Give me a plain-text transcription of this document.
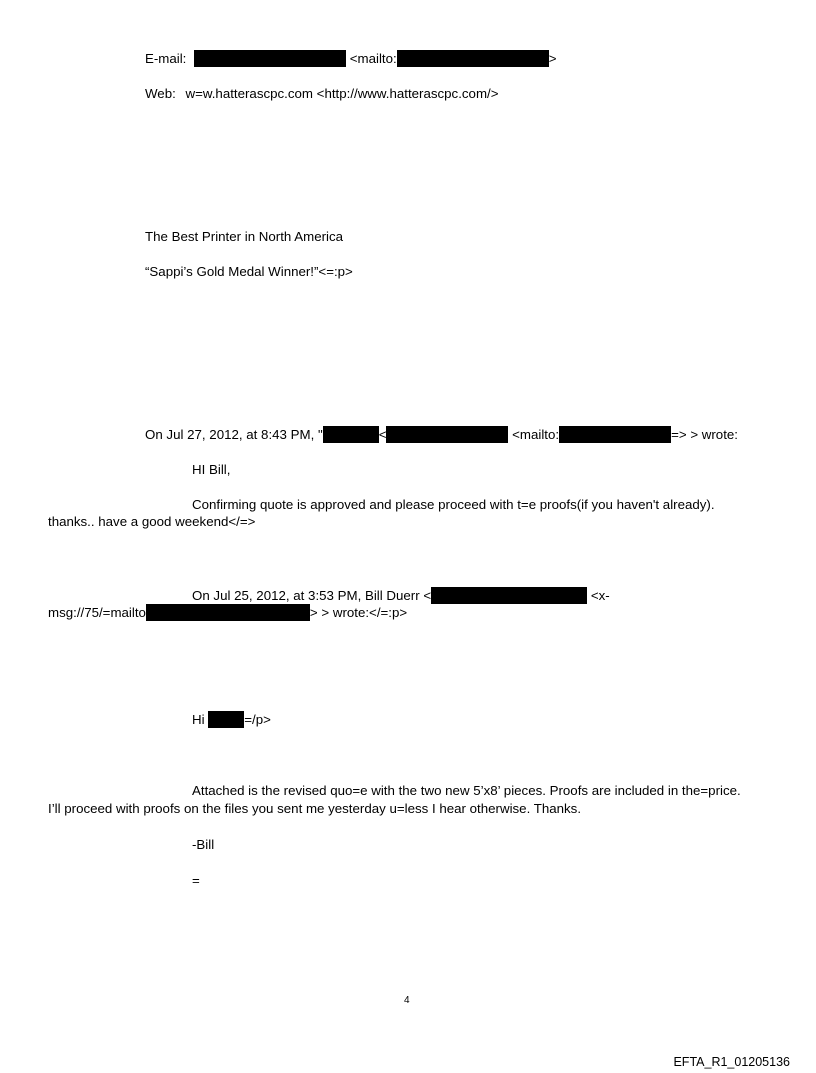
E-mail:	<mailto:	>
Web: w=w.hatterascpc.com <http://www.hatterascpc.com/>
The Best Printer in North America
“Sappi’s Gold Medal Winner!”<=:p>
On Jul 27, 2012, at 8:43 PM, "	<	<mailto:	=> > wrote:
HI Bill,
Confirming quote is approved and please proceed with t=e proofs(if you haven't already).
thanks.. have a good weekend</=>
On Jul 25, 2012, at 3:53 PM, Bill Duerr <	<x-
msg://75/=mailto	> > wrote:</=:p>
Hi	=/p>
Attached is the revised quo=e with the two new 5’x8’ pieces. Proofs are included in the=price.
I’ll proceed with proofs on the files you sent me yesterday u=less I hear otherwise. Thanks.
-Bill
=
4
EFTA_R1_01205136
